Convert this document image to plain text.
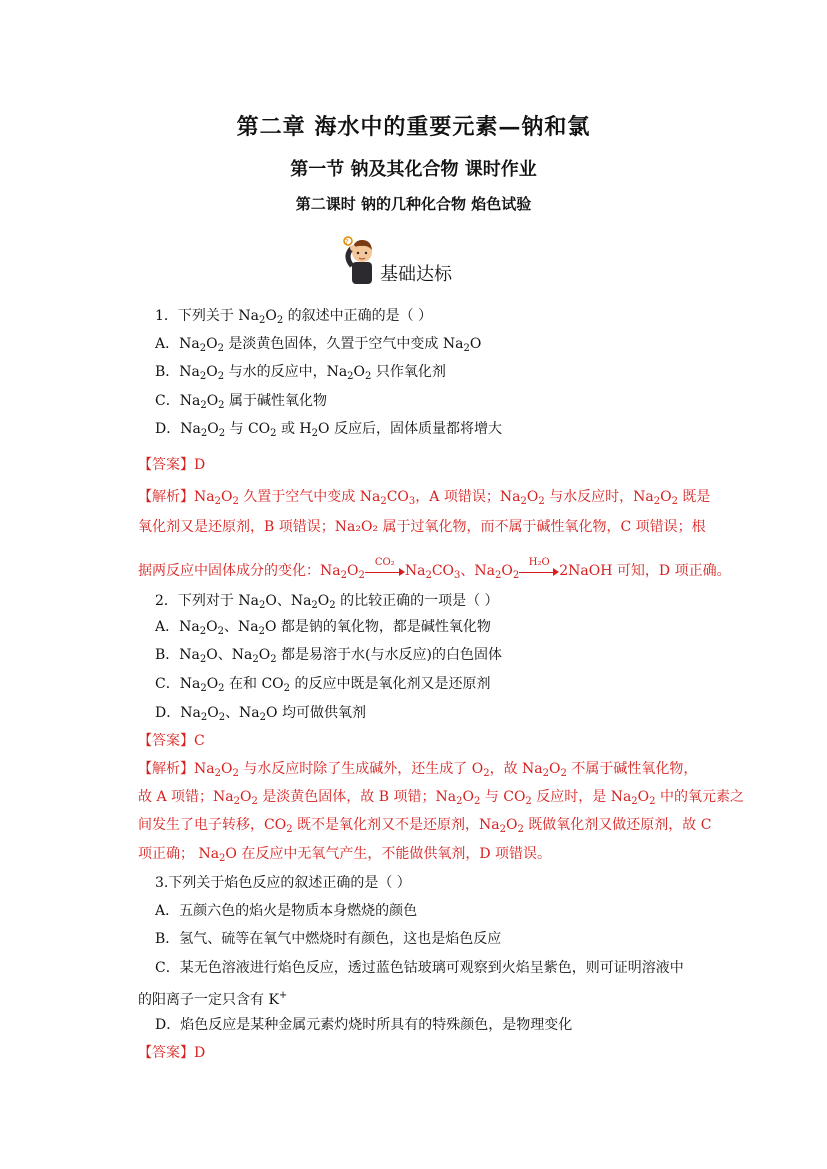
第二章 海水中的重要元素—钠和氯
第一节 钠及其化合物 课时作业
第二课时 钠的几种化合物 焰色试验
?
基础达标
1．下列关于 $Na_2O_2$ 的叙述中正确的是（ ）
A．$Na_2O_2$ 是淡黄色固体，久置于空气中变成 $Na_2O$
B．$Na_2O_2$ 与水的反应中，$Na_2O_2$ 只作氧化剂
C．$Na_2O_2$ 属于碱性氧化物
D．$Na_2O_2$ 与 $CO_2$ 或 $H_2O$ 反应后，固体质量都将增大
【答案】D
【解析】$Na_2O_2$ 久置于空气中变成 $Na_2CO_3$，A 项错误；$Na_2O_2$ 与水反应时，$Na_2O_2$ 既是
氧化剂又是还原剂，B 项错误；Na₂O₂ 属于过氧化物，而不属于碱性氧化物，C 项错误；根
据两反应中固体成分的变化：$Na_2O_2$
CO₂
$Na_2CO_3$、$Na_2O_2$
H₂O
2NaOH 可知，D 项正确。
2．下列对于 $Na_2O$、$Na_2O_2$ 的比较正确的一项是（ ）
A．$Na_2O_2$、$Na_2O$ 都是钠的氧化物，都是碱性氧化物
B．$Na_2O$、$Na_2O_2$ 都是易溶于水(与水反应)的白色固体
C．$Na_2O_2$ 在和 $CO_2$ 的反应中既是氧化剂又是还原剂
D．$Na_2O_2$、$Na_2O$ 均可做供氧剂
【答案】C
【解析】$Na_2O_2$ 与水反应时除了生成碱外，还生成了 $O_2$，故 $Na_2O_2$ 不属于碱性氧化物，
故 A 项错；$Na_2O_2$ 是淡黄色固体，故 B 项错；$Na_2O_2$ 与 $CO_2$ 反应时，是 $Na_2O_2$ 中的氧元素之
间发生了电子转移，$CO_2$ 既不是氧化剂又不是还原剂，$Na_2O_2$ 既做氧化剂又做还原剂，故 C
项正确； $Na_2O$ 在反应中无氧气产生，不能做供氧剂，D 项错误。
3.下列关于焰色反应的叙述正确的是（ ）
A．五颜六色的焰火是物质本身燃烧的颜色
B．氢气、硫等在氧气中燃烧时有颜色，这也是焰色反应
C．某无色溶液进行焰色反应，透过蓝色钴玻璃可观察到火焰呈紫色，则可证明溶液中
的阳离子一定只含有 K+
D．焰色反应是某种金属元素灼烧时所具有的特殊颜色，是物理变化
【答案】D
